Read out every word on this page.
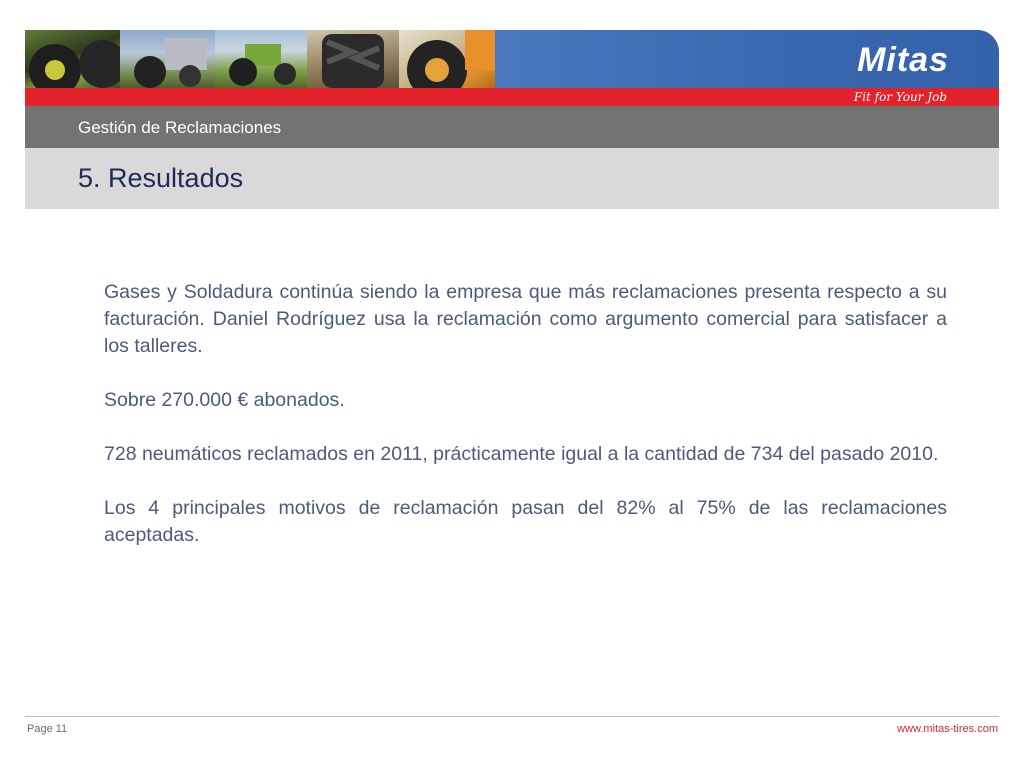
Mitas
Fit for Your Job
Gestión de Reclamaciones
5. Resultados

Gases y Soldadura continúa siendo la empresa que más reclamaciones presenta respecto a su facturación. Daniel Rodríguez usa la reclamación como argumento comercial para satisfacer a los talleres.

Sobre 270.000 € abonados.

728 neumáticos reclamados en 2011, prácticamente igual a la cantidad de 734 del pasado 2010.

Los 4 principales motivos de reclamación pasan del 82% al 75% de las reclamaciones aceptadas.

Page 11	www.mitas-tires.com
